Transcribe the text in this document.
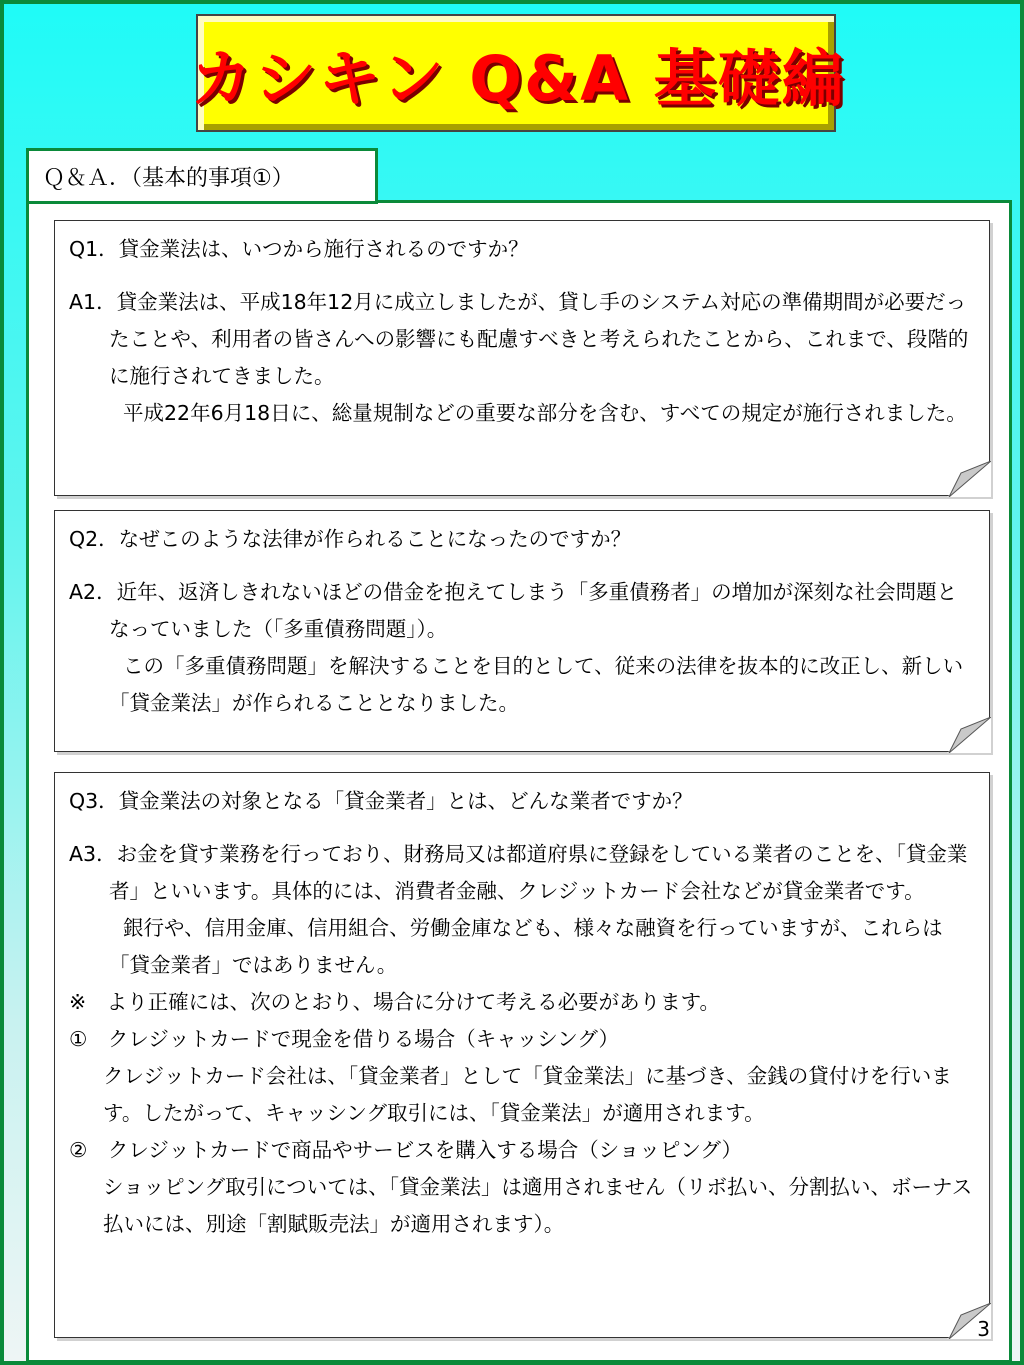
カシキン Q&A 基礎編
Ｑ＆Ａ．（基本的事項①）
Q1．貸金業法は、いつから施行されるのですか？

A1．貸金業法は、平成18年12月に成立しましたが、貸し手のシステム対応の準備期間が必要だったことや、利用者の皆さんへの影響にも配慮すべきと考えられたことから、これまで、段階的に施行されてきました。

平成22年6月18日に、総量規制などの重要な部分を含む、すべての規定が施行されました。

Q2．なぜこのような法律が作られることになったのですか？

A2．近年、返済しきれないほどの借金を抱えてしまう「多重債務者」の増加が深刻な社会問題となっていました（「多重債務問題」）。

この「多重債務問題」を解決することを目的として、従来の法律を抜本的に改正し、新しい「貸金業法」が作られることとなりました。

Q3．貸金業法の対象となる「貸金業者」とは、どんな業者ですか？

A3．お金を貸す業務を行っており、財務局又は都道府県に登録をしている業者のことを、「貸金業者」といいます。具体的には、消費者金融、クレジットカード会社などが貸金業者です。

銀行や、信用金庫、信用組合、労働金庫なども、様々な融資を行っていますが、これらは「貸金業者」ではありません。

※　より正確には、次のとおり、場合に分けて考える必要があります。
①　クレジットカードで現金を借りる場合（キャッシング）
クレジットカード会社は、「貸金業者」として「貸金業法」に基づき、金銭の貸付けを行います。したがって、キャッシング取引には、「貸金業法」が適用されます。
②　クレジットカードで商品やサービスを購入する場合（ショッピング）
ショッピング取引については、「貸金業法」は適用されません（リボ払い、分割払い、ボーナス払いには、別途「割賦販売法」が適用されます）。
3
